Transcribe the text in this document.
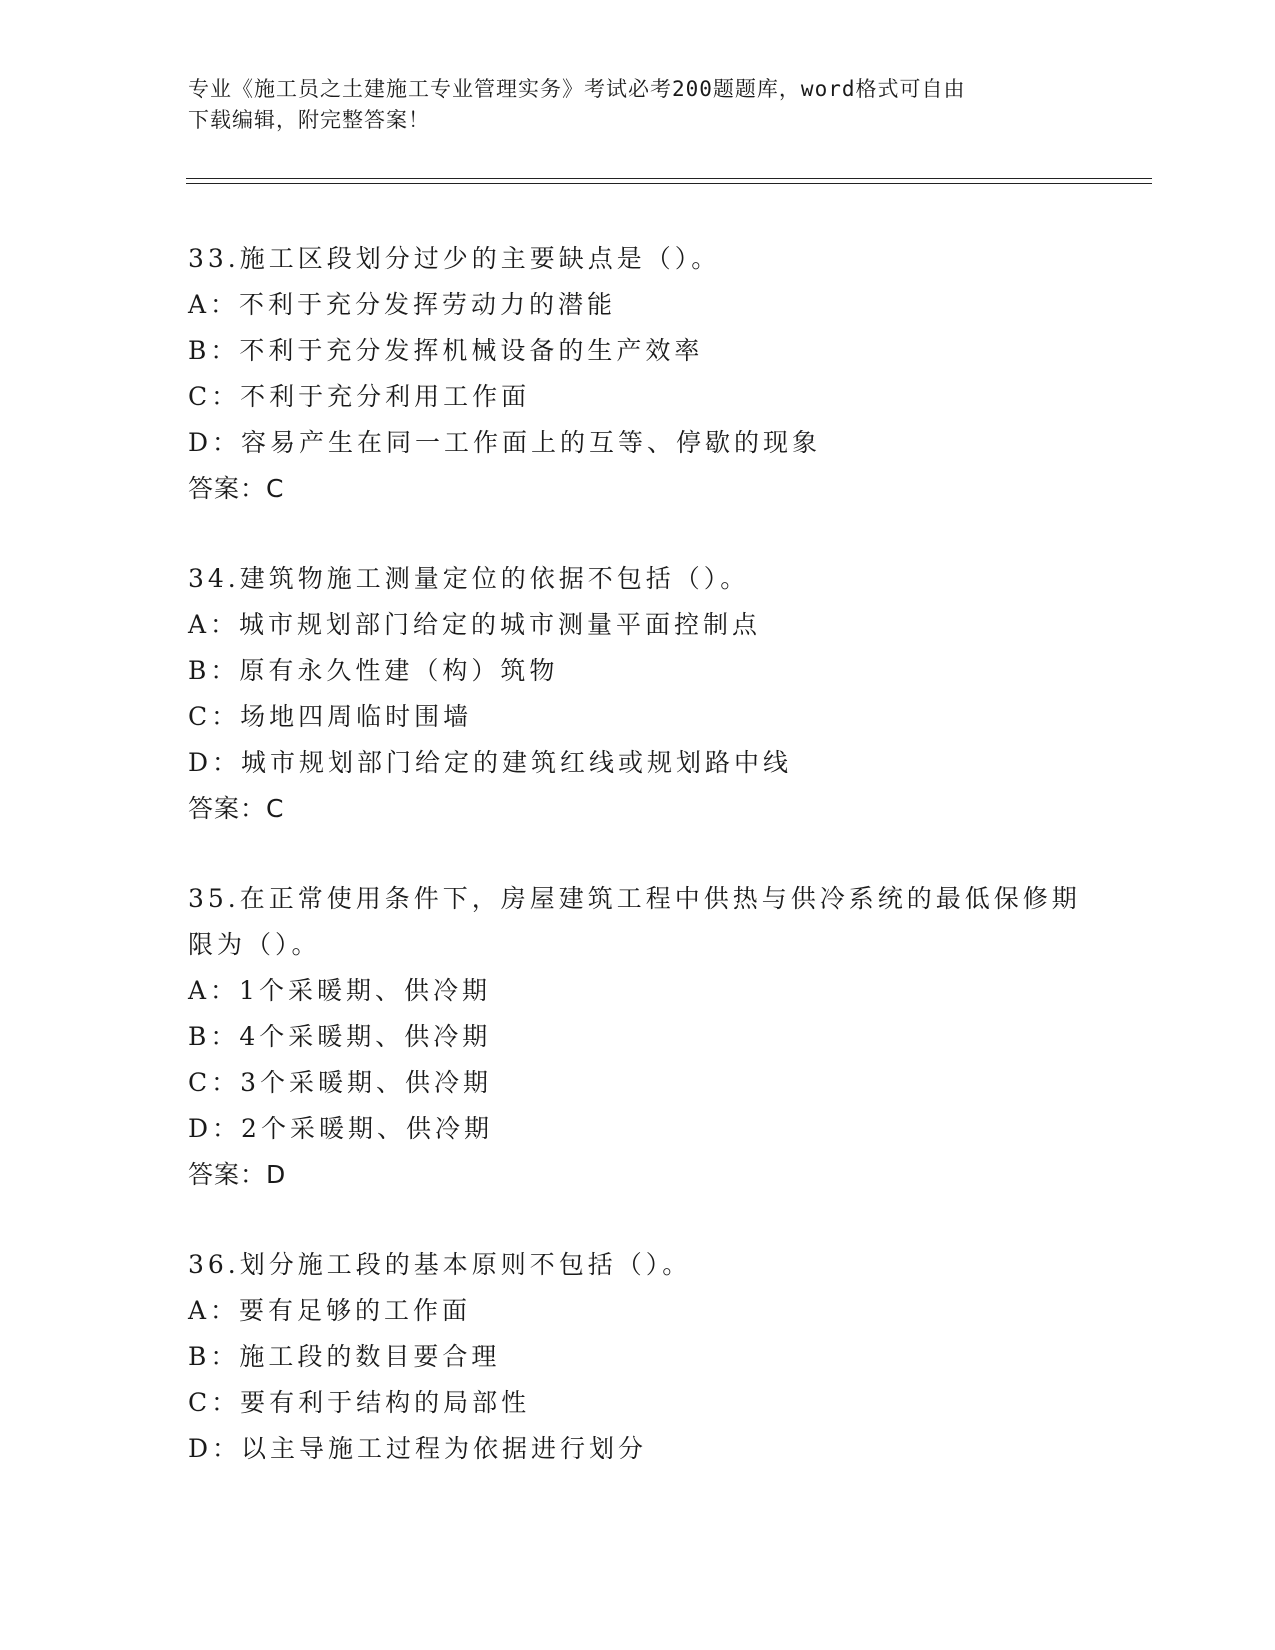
专业《施工员之土建施工专业管理实务》考试必考200题题库，word格式可自由
下载编辑，附完整答案！
33.施工区段划分过少的主要缺点是（）。
A：不利于充分发挥劳动力的潜能
B：不利于充分发挥机械设备的生产效率
C：不利于充分利用工作面
D：容易产生在同一工作面上的互等、停歇的现象
答案：C
34.建筑物施工测量定位的依据不包括（）。
A：城市规划部门给定的城市测量平面控制点
B：原有永久性建（构）筑物
C：场地四周临时围墙
D：城市规划部门给定的建筑红线或规划路中线
答案：C
35.在正常使用条件下，房屋建筑工程中供热与供冷系统的最低保修期
限为（）。
A：1个采暖期、供冷期
B：4个采暖期、供冷期
C：3个采暖期、供冷期
D：2个采暖期、供冷期
答案：D
36.划分施工段的基本原则不包括（）。
A：要有足够的工作面
B：施工段的数目要合理
C：要有利于结构的局部性
D：以主导施工过程为依据进行划分
